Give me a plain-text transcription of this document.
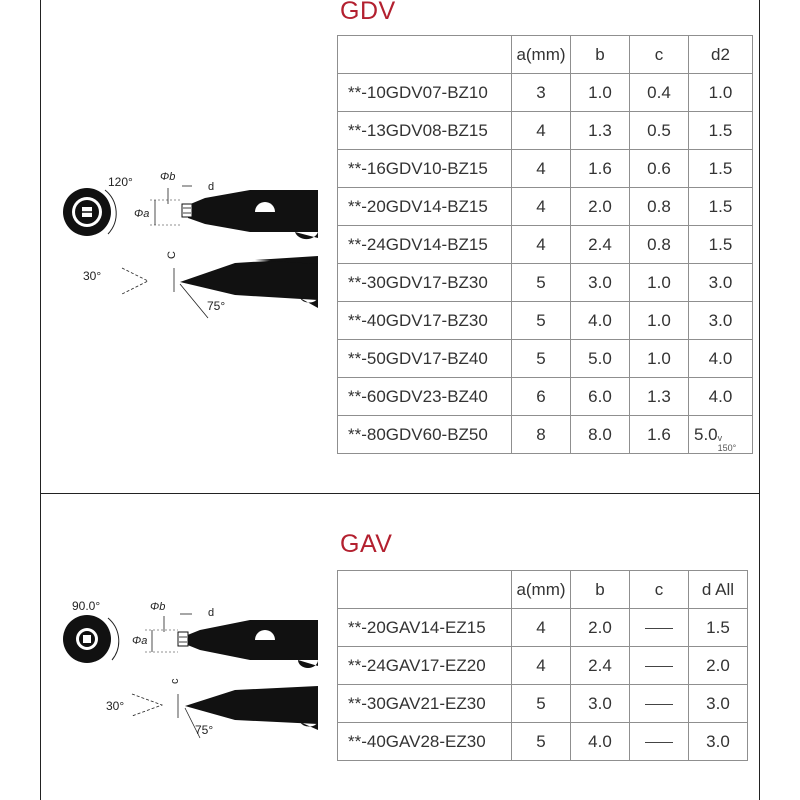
GDV
120°
Φa
Φb
d
C
30°
75°
	a(mm)	b	c	d2
**-10GDV07-BZ10	3	1.0	0.4	1.0
**-13GDV08-BZ15	4	1.3	0.5	1.5
**-16GDV10-BZ15	4	1.6	0.6	1.5
**-20GDV14-BZ15	4	2.0	0.8	1.5
**-24GDV14-BZ15	4	2.4	0.8	1.5
**-30GDV17-BZ30	5	3.0	1.0	3.0
**-40GDV17-BZ30	5	4.0	1.0	3.0
**-50GDV17-BZ40	5	5.0	1.0	4.0
**-60GDV23-BZ40	6	6.0	1.3	4.0
**-80GDV60-BZ50	8	8.0	1.6	5.0 v
150°
GAV
90.0°
Φa
Φb	d
c
30°
75°
	a(mm)	b	c	d All
**-20GAV14-EZ15	4	2.0		1.5
**-24GAV17-EZ20	4	2.4		2.0
**-30GAV21-EZ30	5	3.0		3.0
**-40GAV28-EZ30	5	4.0		3.0
